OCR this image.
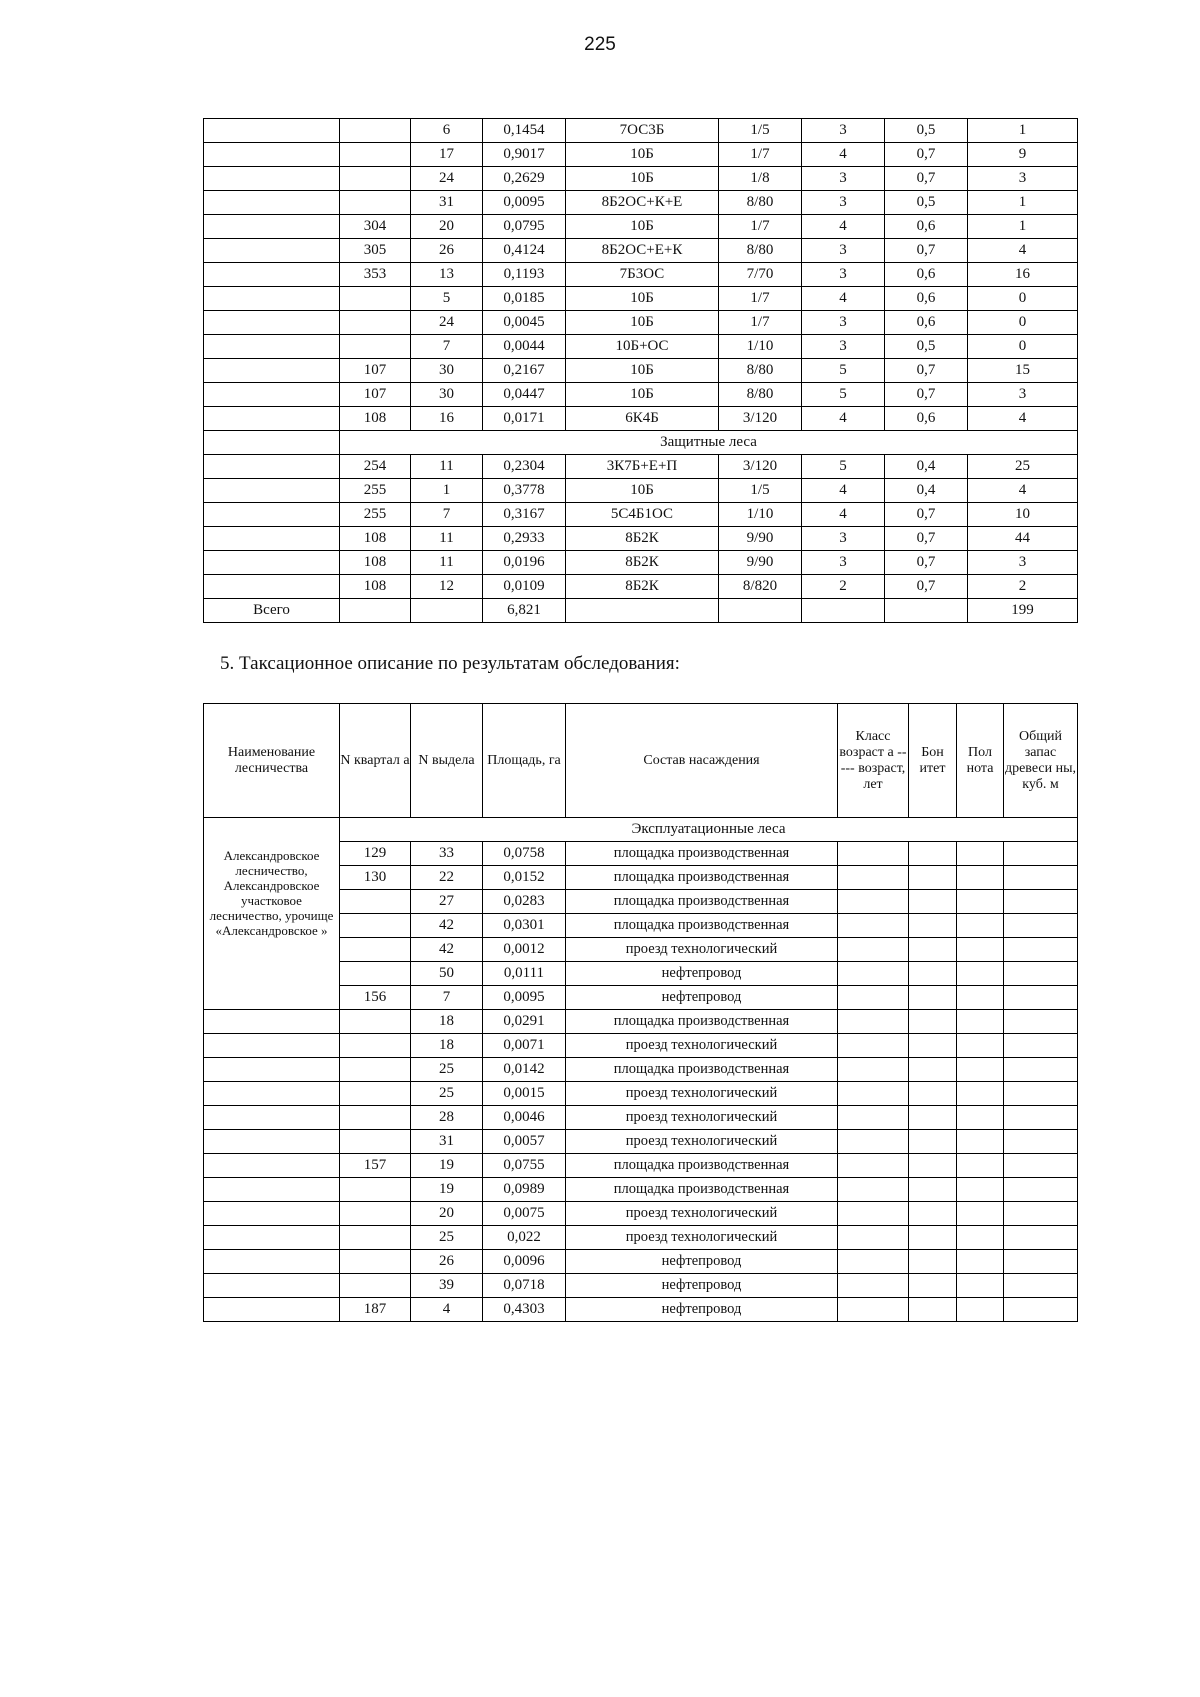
225
		6	0,1454	7ОС3Б	1/5	3	0,5	1
		17	0,9017	10Б	1/7	4	0,7	9
		24	0,2629	10Б	1/8	3	0,7	3
		31	0,0095	8Б2ОС+К+Е	8/80	3	0,5	1
	304	20	0,0795	10Б	1/7	4	0,6	1
	305	26	0,4124	8Б2ОС+Е+К	8/80	3	0,7	4
	353	13	0,1193	7Б3ОС	7/70	3	0,6	16
		5	0,0185	10Б	1/7	4	0,6	0
		24	0,0045	10Б	1/7	3	0,6	0
		7	0,0044	10Б+ОС	1/10	3	0,5	0
	107	30	0,2167	10Б	8/80	5	0,7	15
	107	30	0,0447	10Б	8/80	5	0,7	3
	108	16	0,0171	6К4Б	3/120	4	0,6	4
	Защитные леса							
	254	11	0,2304	3К7Б+Е+П	3/120	5	0,4	25
	255	1	0,3778	10Б	1/5	4	0,4	4
	255	7	0,3167	5С4Б1ОС	1/10	4	0,7	10
	108	11	0,2933	8Б2К	9/90	3	0,7	44
	108	11	0,0196	8Б2К	9/90	3	0,7	3
	108	12	0,0109	8Б2К	8/820	2	0,7	2
Всего			6,821					199
5. Таксационное описание по результатам обследования:
Наименование лесничества	N квартал а	N выдела	Площадь, га	Состав насаждения	Класс возраст а ----- возраст, лет	Бон итет	Пол нота	Общий запас древеси ны, куб. м
Александровское лесничество, Александровское участковое лесничество, урочище «Александровское »	Эксплуатационные леса							
	129	33	0,0758	площадка производственная				
	130	22	0,0152	площадка производственная				
		27	0,0283	площадка производственная				
		42	0,0301	площадка производственная				
		42	0,0012	проезд технологический				
		50	0,0111	нефтепровод				
	156	7	0,0095	нефтепровод				
		18	0,0291	площадка производственная				
		18	0,0071	проезд технологический				
		25	0,0142	площадка производственная				
		25	0,0015	проезд технологический				
		28	0,0046	проезд технологический				
		31	0,0057	проезд технологический				
	157	19	0,0755	площадка производственная				
		19	0,0989	площадка производственная				
		20	0,0075	проезд технологический				
		25	0,022	проезд технологический				
		26	0,0096	нефтепровод				
		39	0,0718	нефтепровод				
	187	4	0,4303	нефтепровод				
